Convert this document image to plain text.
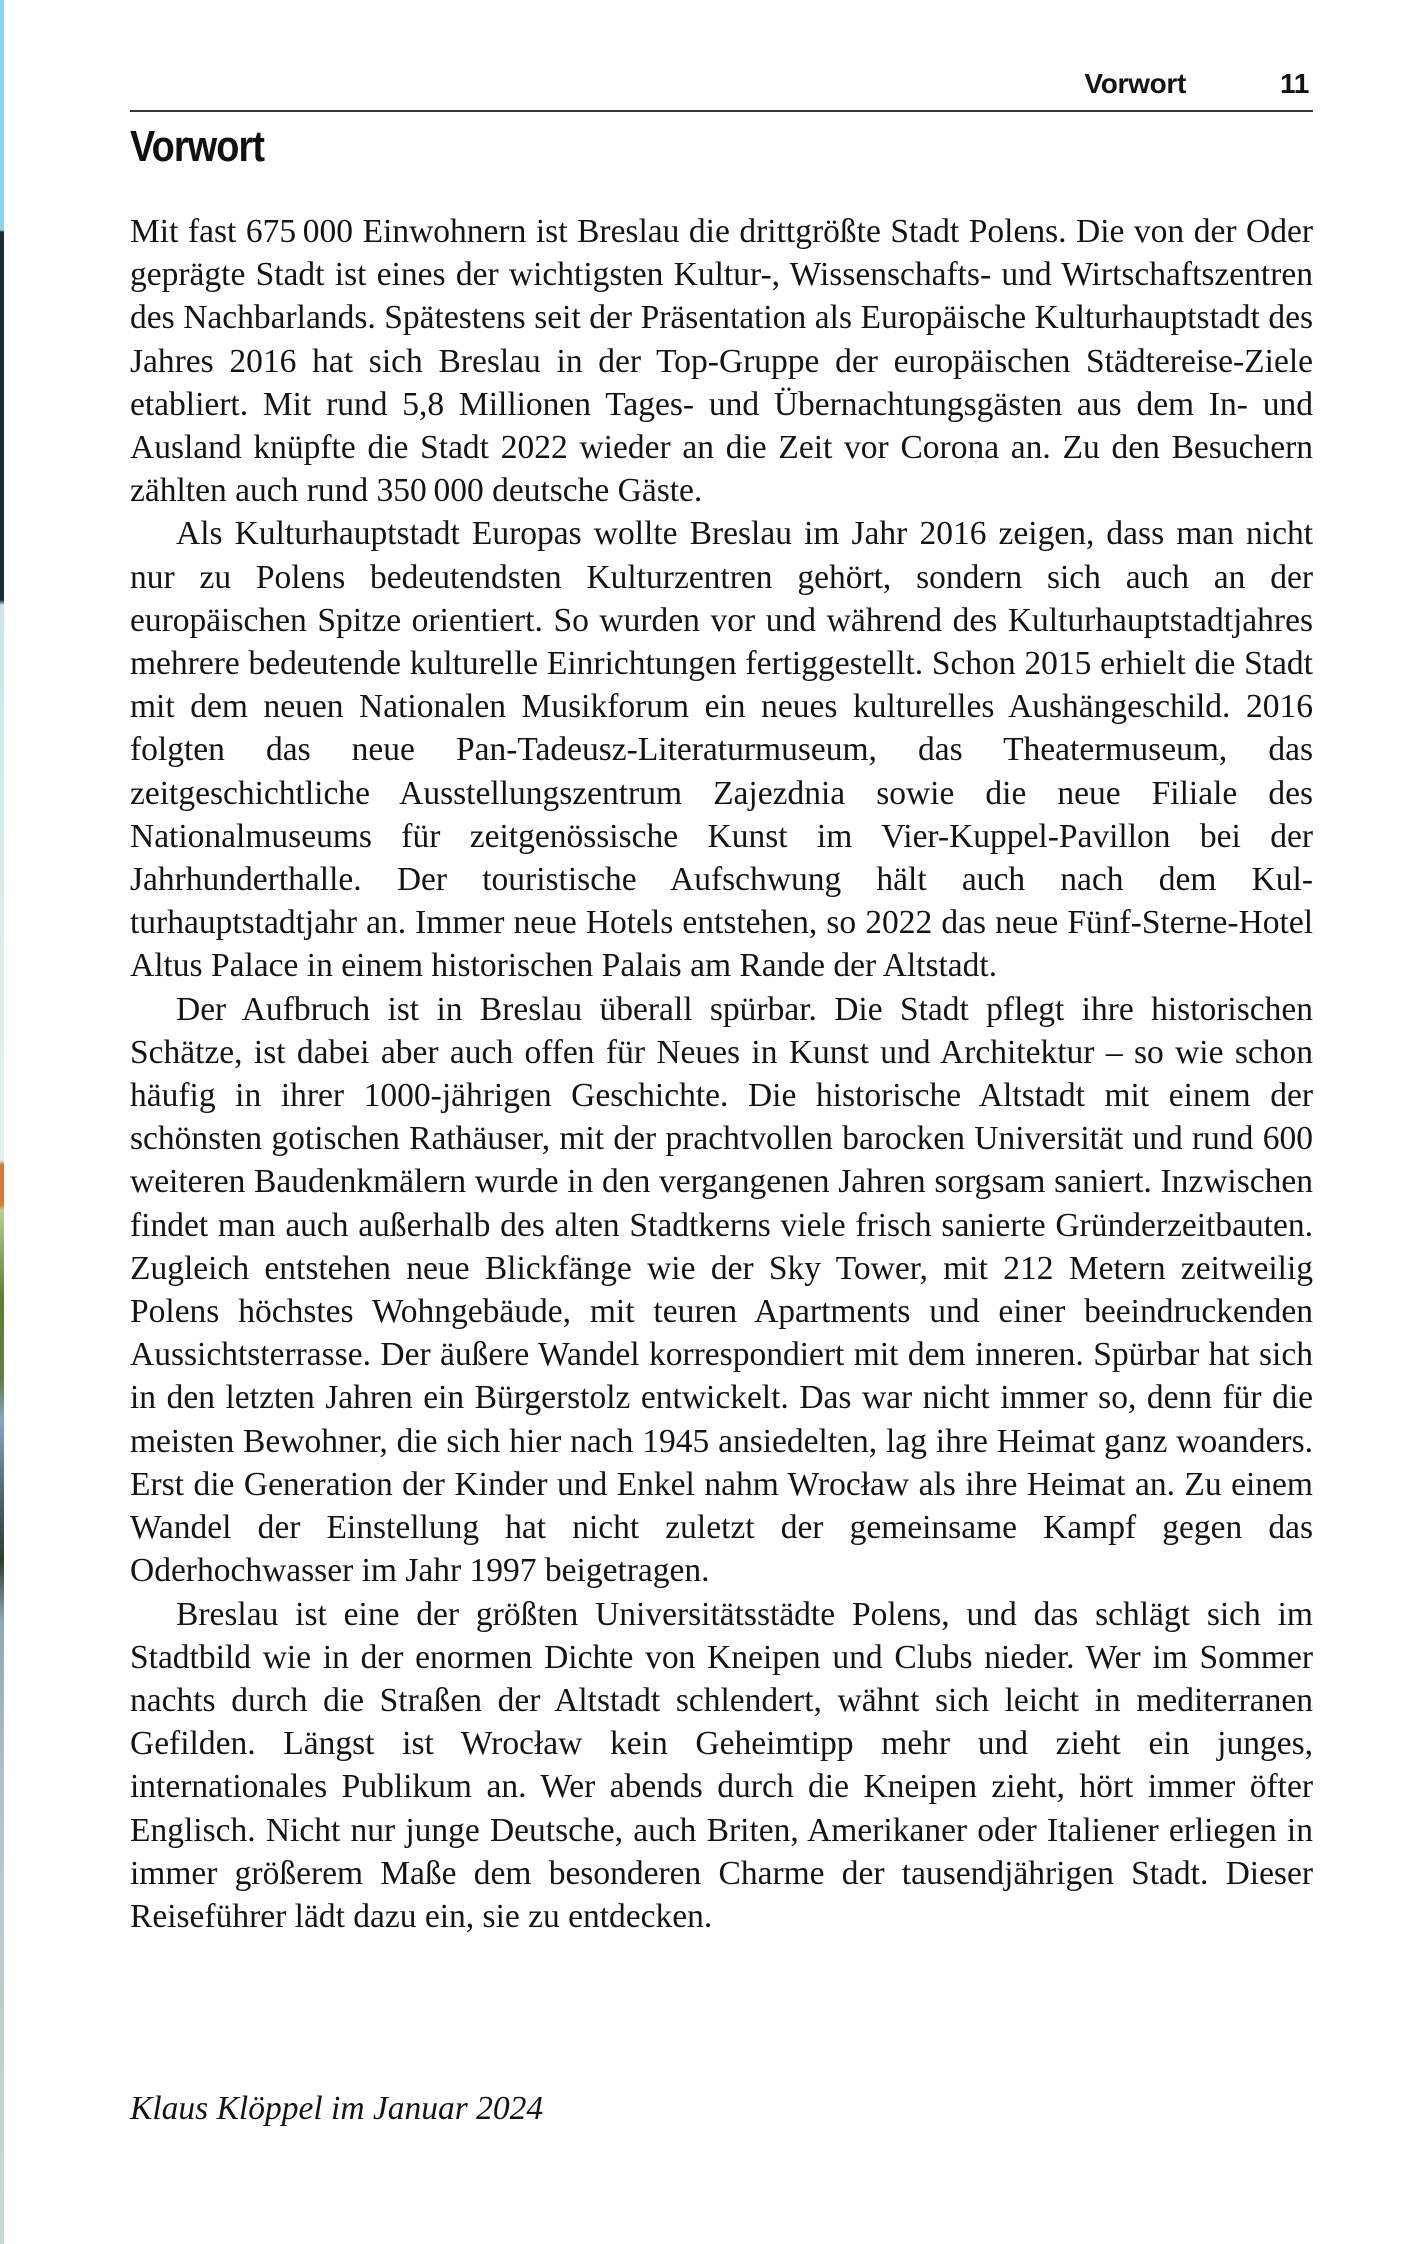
Vorwort	11
Vorwort

Mit fast 675 000 Einwohnern ist Breslau die drittgrößte Stadt Polens. Die von der Oder geprägte Stadt ist eines der wichtigsten Kultur-, Wissenschafts- und Wirtschaftszentren des Nachbarlands. Spätestens seit der Präsentation als Europäische Kulturhauptstadt des Jahres 2016 hat sich Breslau in der Top-Gruppe der europäischen Städtereise-Ziele etabliert. Mit rund 5,8 Millionen Tages- und Übernachtungsgästen aus dem In- und Ausland knüpfte die Stadt 2022 wieder an die Zeit vor Corona an. Zu den Besuchern zählten auch rund 350 000 deutsche Gäste.

Als Kulturhauptstadt Europas wollte Breslau im Jahr 2016 zeigen, dass man nicht nur zu Polens bedeutendsten Kulturzentren gehört, sondern sich auch an der europäischen Spitze orientiert. So wurden vor und während des Kulturhauptstadtjahres mehrere bedeutende kulturelle Einrichtungen fertiggestellt. Schon 2015 erhielt die Stadt mit dem neuen Nationalen Musikforum ein neues kulturelles Aushängeschild. 2016 folgten das neue Pan-Tadeusz-Literaturmuseum, das Theatermuseum, das zeitgeschichtliche Ausstellungszentrum Zajezdnia sowie die neue Filiale des Nationalmuseums für zeitgenössische Kunst im Vier-Kuppel-Pavillon bei der Jahrhunderthalle. Der touristische Aufschwung hält auch nach dem Kulturhauptstadtjahr an. Immer neue Hotels entstehen, so 2022 das neue Fünf-Sterne-Hotel Altus Palace in einem historischen Palais am Rande der Altstadt.

Der Aufbruch ist in Breslau überall spürbar. Die Stadt pflegt ihre historischen Schätze, ist dabei aber auch offen für Neues in Kunst und Architektur – so wie schon häufig in ihrer 1000-jährigen Geschichte. Die historische Altstadt mit einem der schönsten gotischen Rathäuser, mit der prachtvollen barocken Universität und rund 600 weiteren Baudenkmälern wurde in den vergangenen Jahren sorgsam saniert. Inzwischen findet man auch außerhalb des alten Stadtkerns viele frisch sanierte Gründerzeitbauten. Zugleich entstehen neue Blickfänge wie der Sky Tower, mit 212 Metern zeitweilig Polens höchstes Wohngebäude, mit teuren Apartments und einer beeindruckenden Aussichtsterrasse. Der äußere Wandel korrespondiert mit dem inneren. Spürbar hat sich in den letzten Jahren ein Bürgerstolz entwickelt. Das war nicht immer so, denn für die meisten Bewohner, die sich hier nach 1945 ansiedelten, lag ihre Heimat ganz woanders. Erst die Generation der Kinder und Enkel nahm Wrocław als ihre Heimat an. Zu einem Wandel der Einstellung hat nicht zuletzt der gemeinsame Kampf gegen das Oderhochwasser im Jahr 1997 beigetragen.

Breslau ist eine der größten Universitätsstädte Polens, und das schlägt sich im Stadtbild wie in der enormen Dichte von Kneipen und Clubs nieder. Wer im Sommer nachts durch die Straßen der Altstadt schlendert, wähnt sich leicht in mediterranen Gefilden. Längst ist Wrocław kein Geheimtipp mehr und zieht ein junges, internationales Publikum an. Wer abends durch die Kneipen zieht, hört immer öfter Englisch. Nicht nur junge Deutsche, auch Briten, Amerikaner oder Italiener erliegen in immer größerem Maße dem besonderen Charme der tausendjährigen Stadt. Dieser Reiseführer lädt dazu ein, sie zu entdecken.

Klaus Klöppel im Januar 2024
